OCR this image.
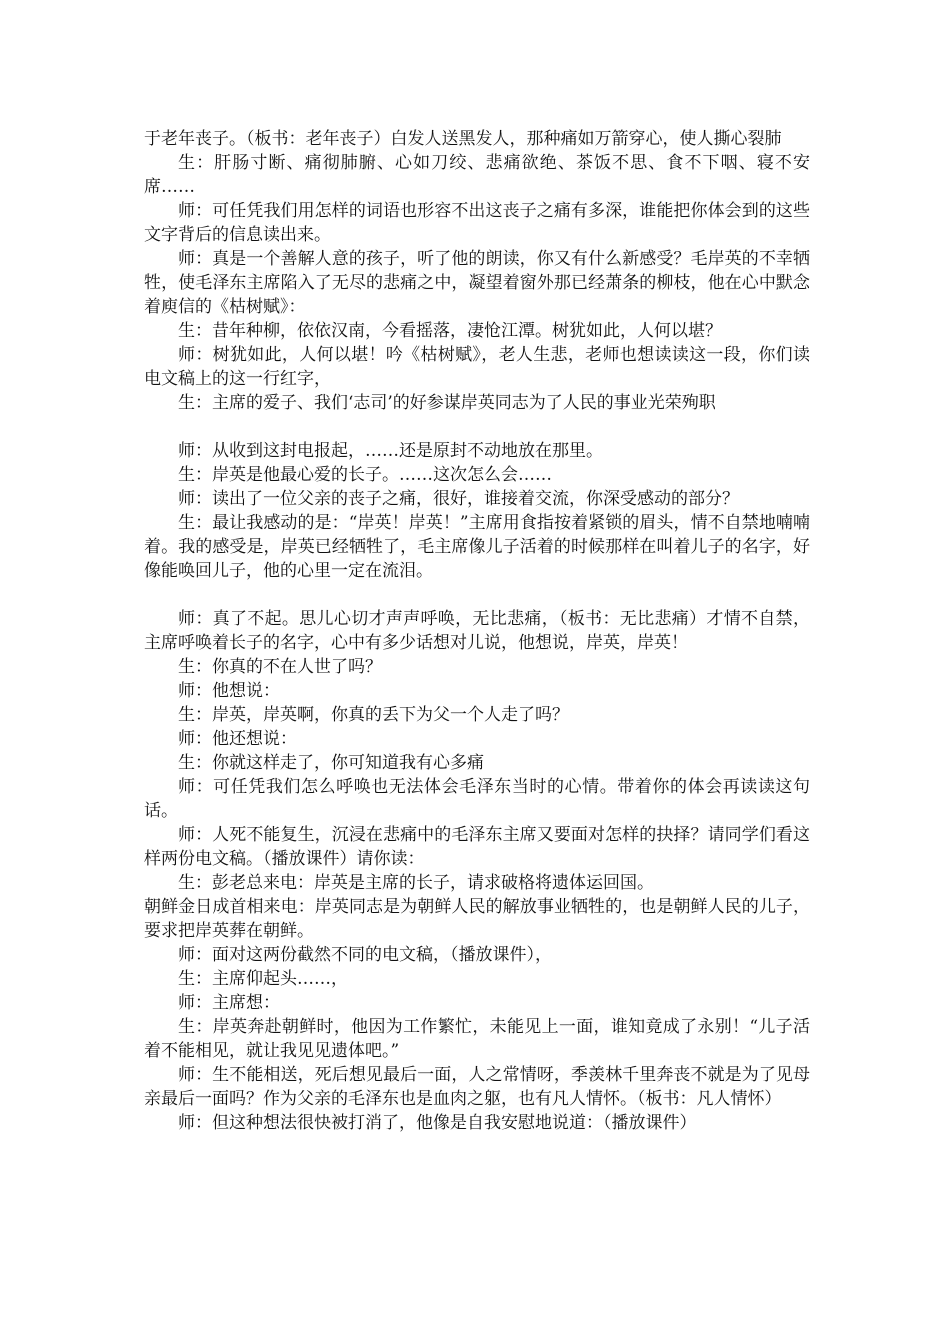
于老年丧子。（板书：老年丧子）白发人送黑发人，那种痛如万箭穿心，使人撕心裂肺

生：肝肠寸断、痛彻肺腑、心如刀绞、悲痛欲绝、茶饭不思、食不下咽、寝不安席……

师：可任凭我们用怎样的词语也形容不出这丧子之痛有多深，谁能把你体会到的这些文字背后的信息读出来。

师：真是一个善解人意的孩子，听了他的朗读，你又有什么新感受？毛岸英的不幸牺牲，使毛泽东主席陷入了无尽的悲痛之中，凝望着窗外那已经萧条的柳枝，他在心中默念着庾信的《枯树赋》：

生：昔年种柳，依依汉南，今看摇落，凄怆江潭。树犹如此，人何以堪？

师：树犹如此，人何以堪！吟《枯树赋》，老人生悲，老师也想读读这一段，你们读电文稿上的这一行红字，

生：主席的爱子、我们‘志司’的好参谋岸英同志为了人民的事业光荣殉职

师：从收到这封电报起，……还是原封不动地放在那里。

生：岸英是他最心爱的长子。……这次怎么会……

师：读出了一位父亲的丧子之痛，很好，谁接着交流，你深受感动的部分？

生：最让我感动的是：“岸英！岸英！”主席用食指按着紧锁的眉头，情不自禁地喃喃着。我的感受是，岸英已经牺牲了，毛主席像儿子活着的时候那样在叫着儿子的名字，好像能唤回儿子，他的心里一定在流泪。

师：真了不起。思儿心切才声声呼唤，无比悲痛，（板书：无比悲痛）才情不自禁，主席呼唤着长子的名字，心中有多少话想对儿说，他想说，岸英，岸英！

生：你真的不在人世了吗？

师：他想说：

生：岸英，岸英啊，你真的丢下为父一个人走了吗？

师：他还想说：

生：你就这样走了，你可知道我有心多痛

师：可任凭我们怎么呼唤也无法体会毛泽东当时的心情。带着你的体会再读读这句话。

师：人死不能复生，沉浸在悲痛中的毛泽东主席又要面对怎样的抉择？请同学们看这样两份电文稿。（播放课件）请你读：

生：彭老总来电：岸英是主席的长子，请求破格将遗体运回国。

朝鲜金日成首相来电：岸英同志是为朝鲜人民的解放事业牺牲的，也是朝鲜人民的儿子，要求把岸英葬在朝鲜。

师：面对这两份截然不同的电文稿，（播放课件），

生：主席仰起头……，

师：主席想：

生：岸英奔赴朝鲜时，他因为工作繁忙，未能见上一面，谁知竟成了永别！“儿子活着不能相见，就让我见见遗体吧。”

师：生不能相送，死后想见最后一面，人之常情呀，季羡林千里奔丧不就是为了见母亲最后一面吗？作为父亲的毛泽东也是血肉之躯，也有凡人情怀。（板书：凡人情怀）

师：但这种想法很快被打消了，他像是自我安慰地说道：（播放课件）
